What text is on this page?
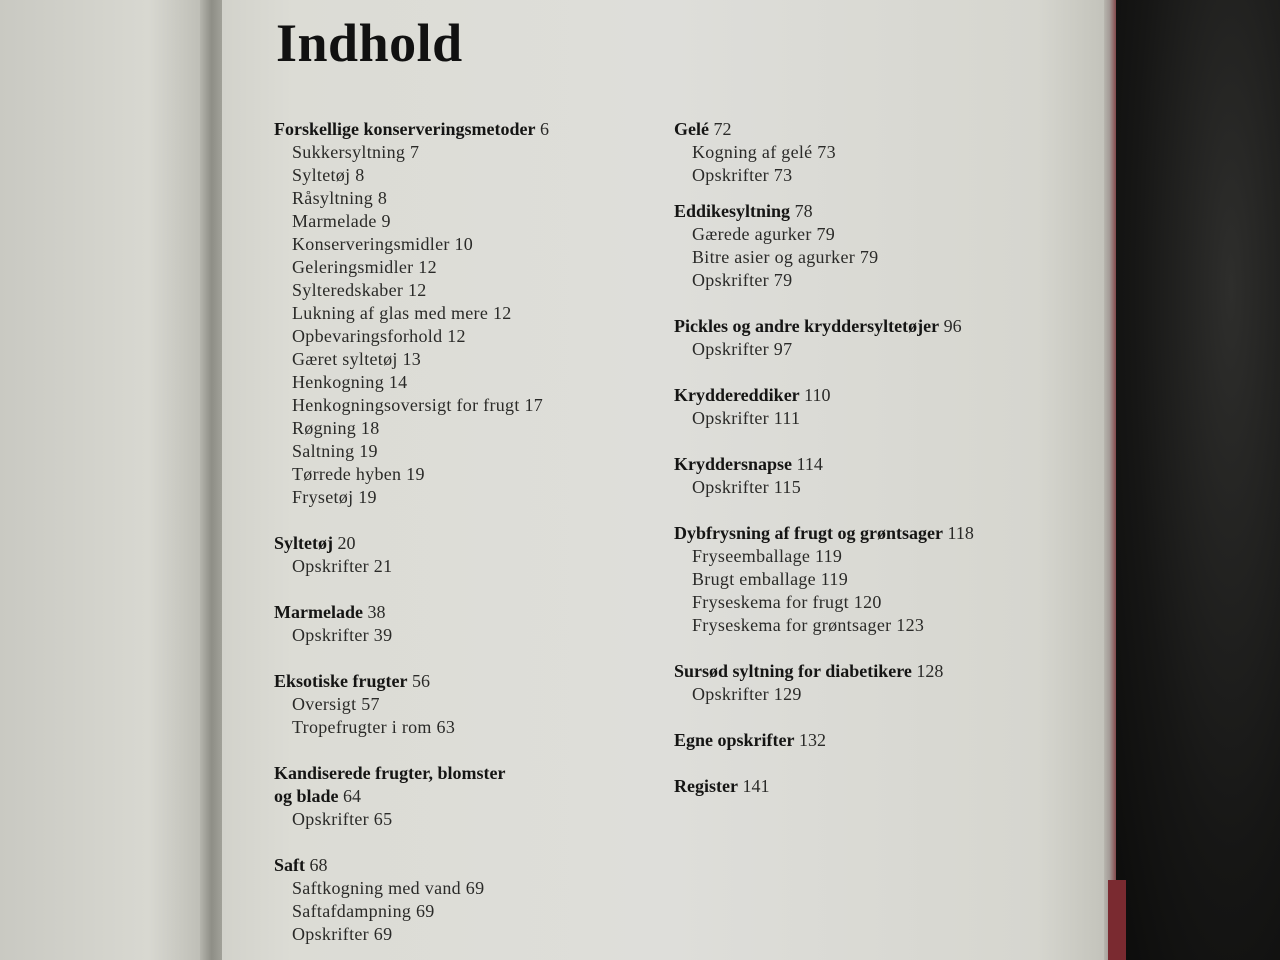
Indhold
Forskellige konserveringsmetoder 6
Sukkersyltning 7
Syltetøj 8
Råsyltning 8
Marmelade 9
Konserveringsmidler 10
Geleringsmidler 12
Sylteredskaber 12
Lukning af glas med mere 12
Opbevaringsforhold 12
Gæret syltetøj 13
Henkogning 14
Henkogningsoversigt for frugt 17
Røgning 18
Saltning 19
Tørrede hyben 19
Frysetøj 19
Syltetøj 20
Opskrifter 21
Marmelade 38
Opskrifter 39
Eksotiske frugter 56
Oversigt 57
Tropefrugter i rom 63
Kandiserede frugter, blomster
og blade 64
Opskrifter 65
Saft 68
Saftkogning med vand 69
Saftafdampning 69
Opskrifter 69
Gelé 72
Kogning af gelé 73
Opskrifter 73
Eddikesyltning 78
Gærede agurker 79
Bitre asier og agurker 79
Opskrifter 79
Pickles og andre kryddersyltetøjer 96
Opskrifter 97
Kryddereddiker 110
Opskrifter 111
Kryddersnapse 114
Opskrifter 115
Dybfrysning af frugt og grøntsager 118
Fryseemballage 119
Brugt emballage 119
Fryseskema for frugt 120
Fryseskema for grøntsager 123
Sursød syltning for diabetikere 128
Opskrifter 129
Egne opskrifter 132
Register 141
